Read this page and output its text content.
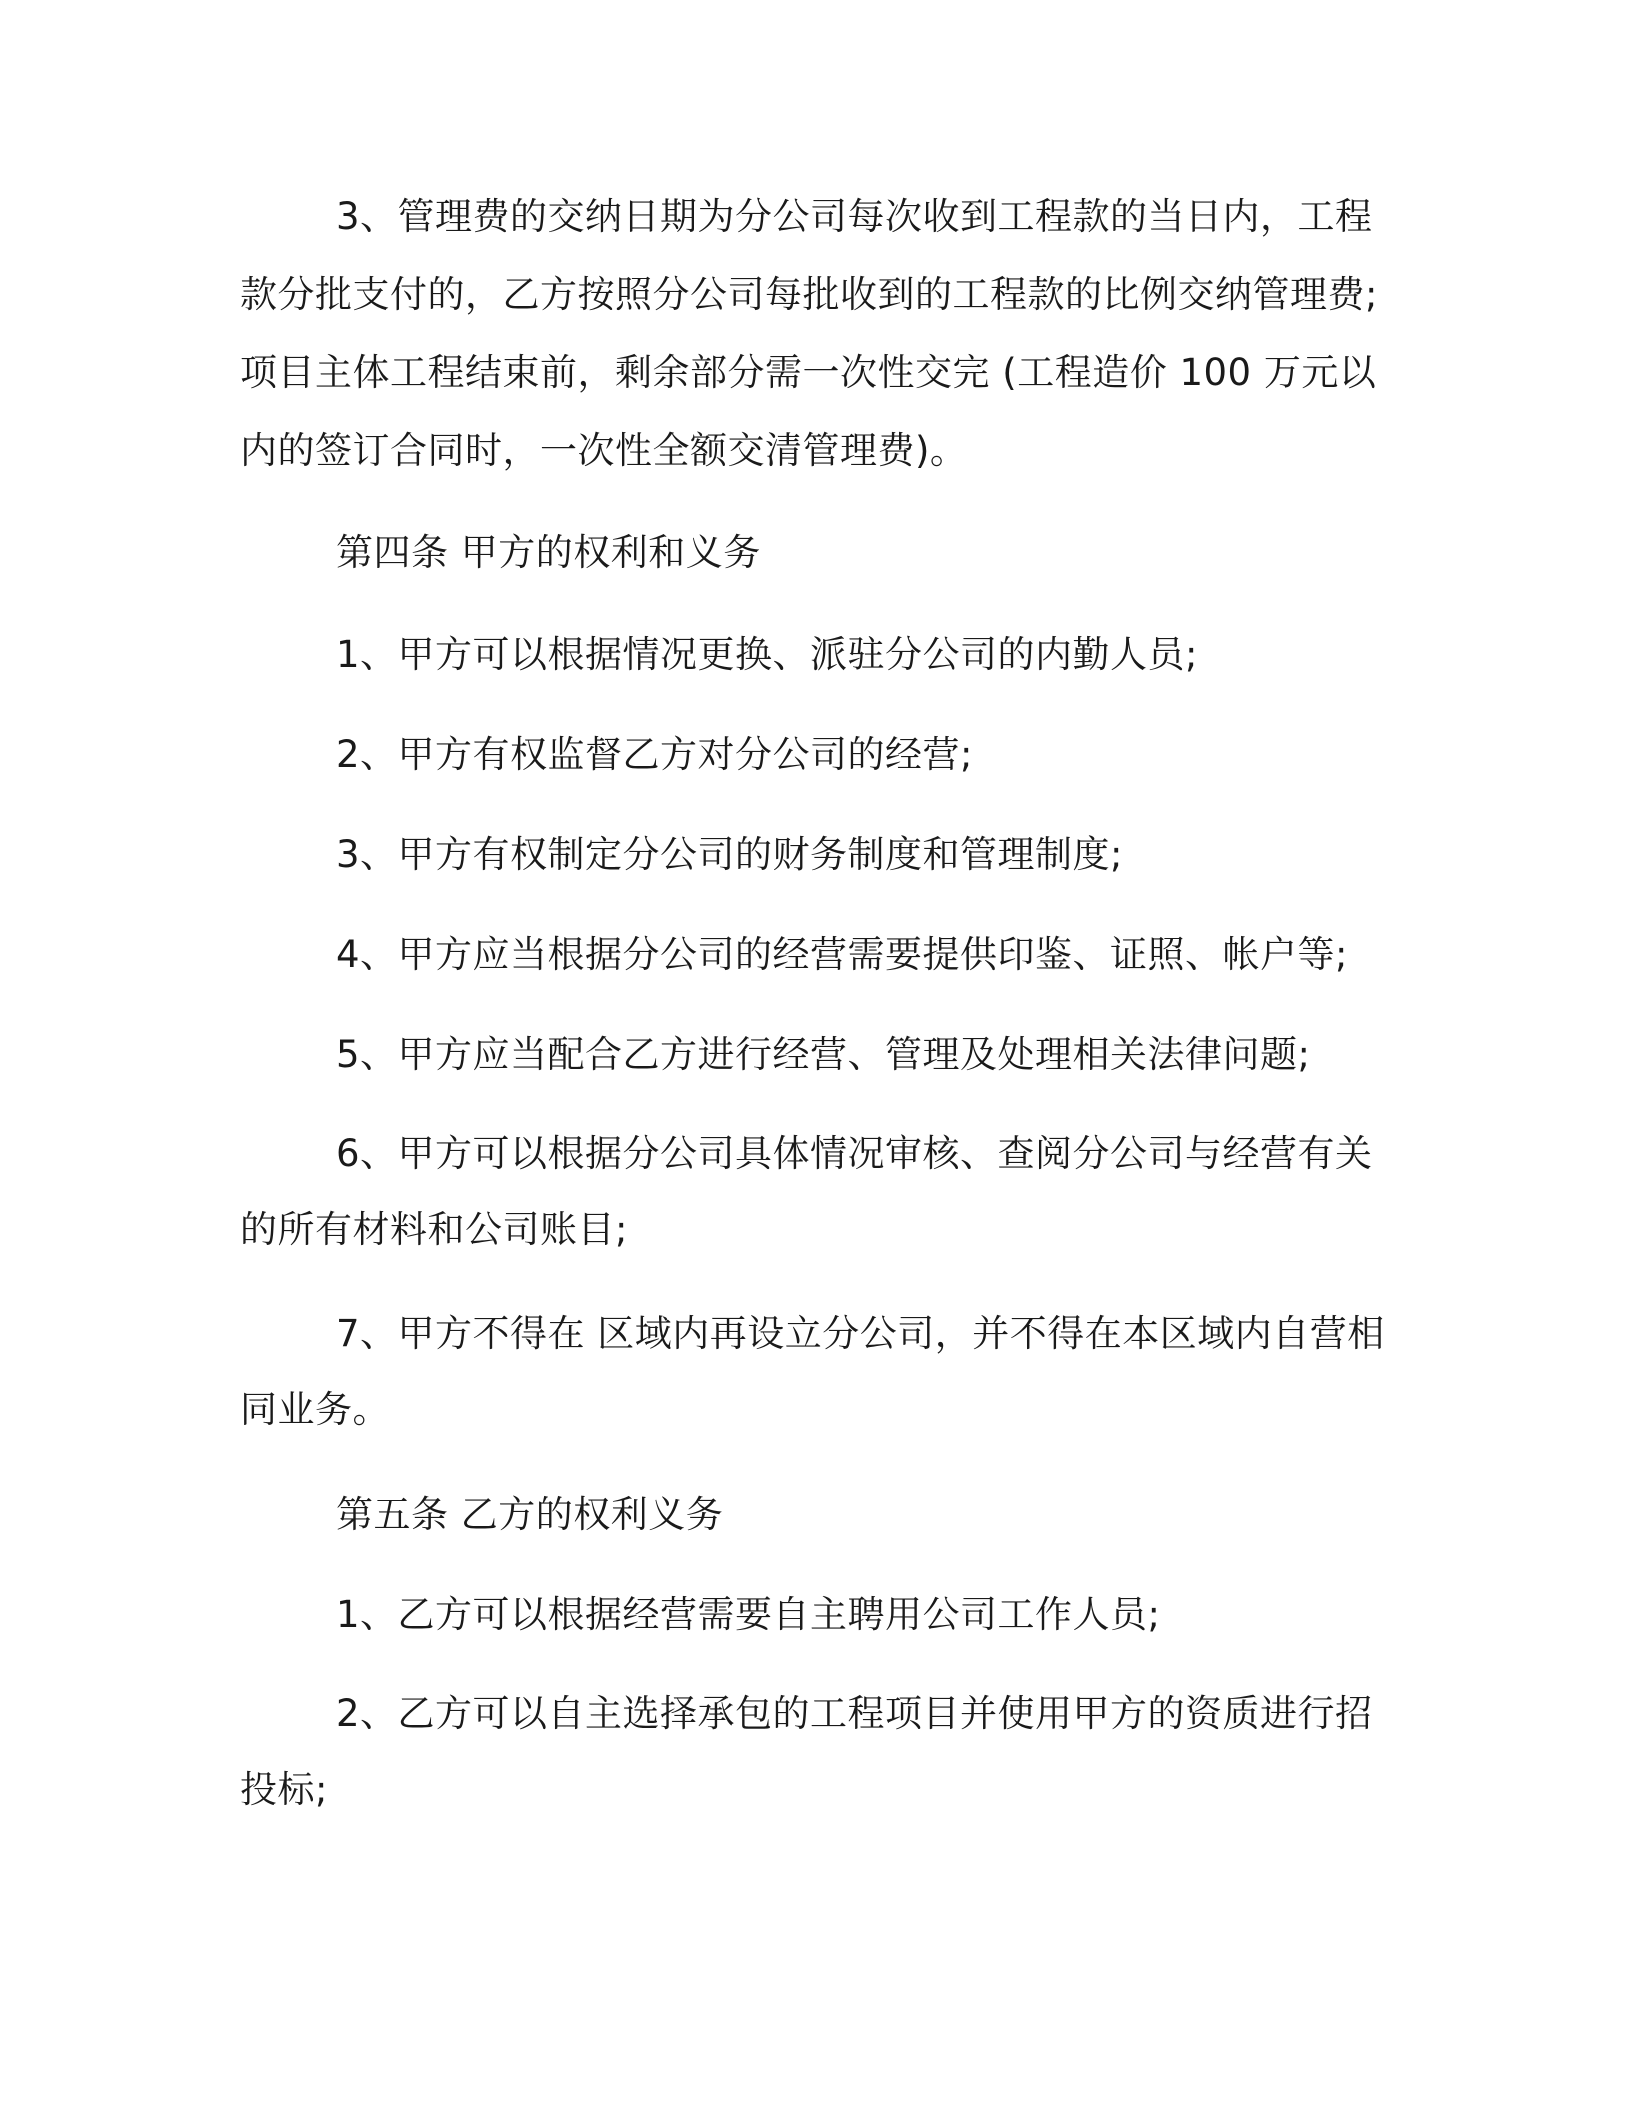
3、管理费的交纳日期为分公司每次收到工程款的当日内，工程款分批支付的，乙方按照分公司每批收到的工程款的比例交纳管理费;项目主体工程结束前，剩余部分需一次性交完 (工程造价 100 万元以内的签订合同时，一次性全额交清管理费)。

第四条 甲方的权利和义务

1、甲方可以根据情况更换、派驻分公司的内勤人员;

2、甲方有权监督乙方对分公司的经营;

3、甲方有权制定分公司的财务制度和管理制度;

4、甲方应当根据分公司的经营需要提供印鉴、证照、帐户等;

5、甲方应当配合乙方进行经营、管理及处理相关法律问题;

6、甲方可以根据分公司具体情况审核、查阅分公司与经营有关的所有材料和公司账目;

7、甲方不得在 区域内再设立分公司，并不得在本区域内自营相同业务。

第五条 乙方的权利义务

1、乙方可以根据经营需要自主聘用公司工作人员;

2、乙方可以自主选择承包的工程项目并使用甲方的资质进行招投标;
